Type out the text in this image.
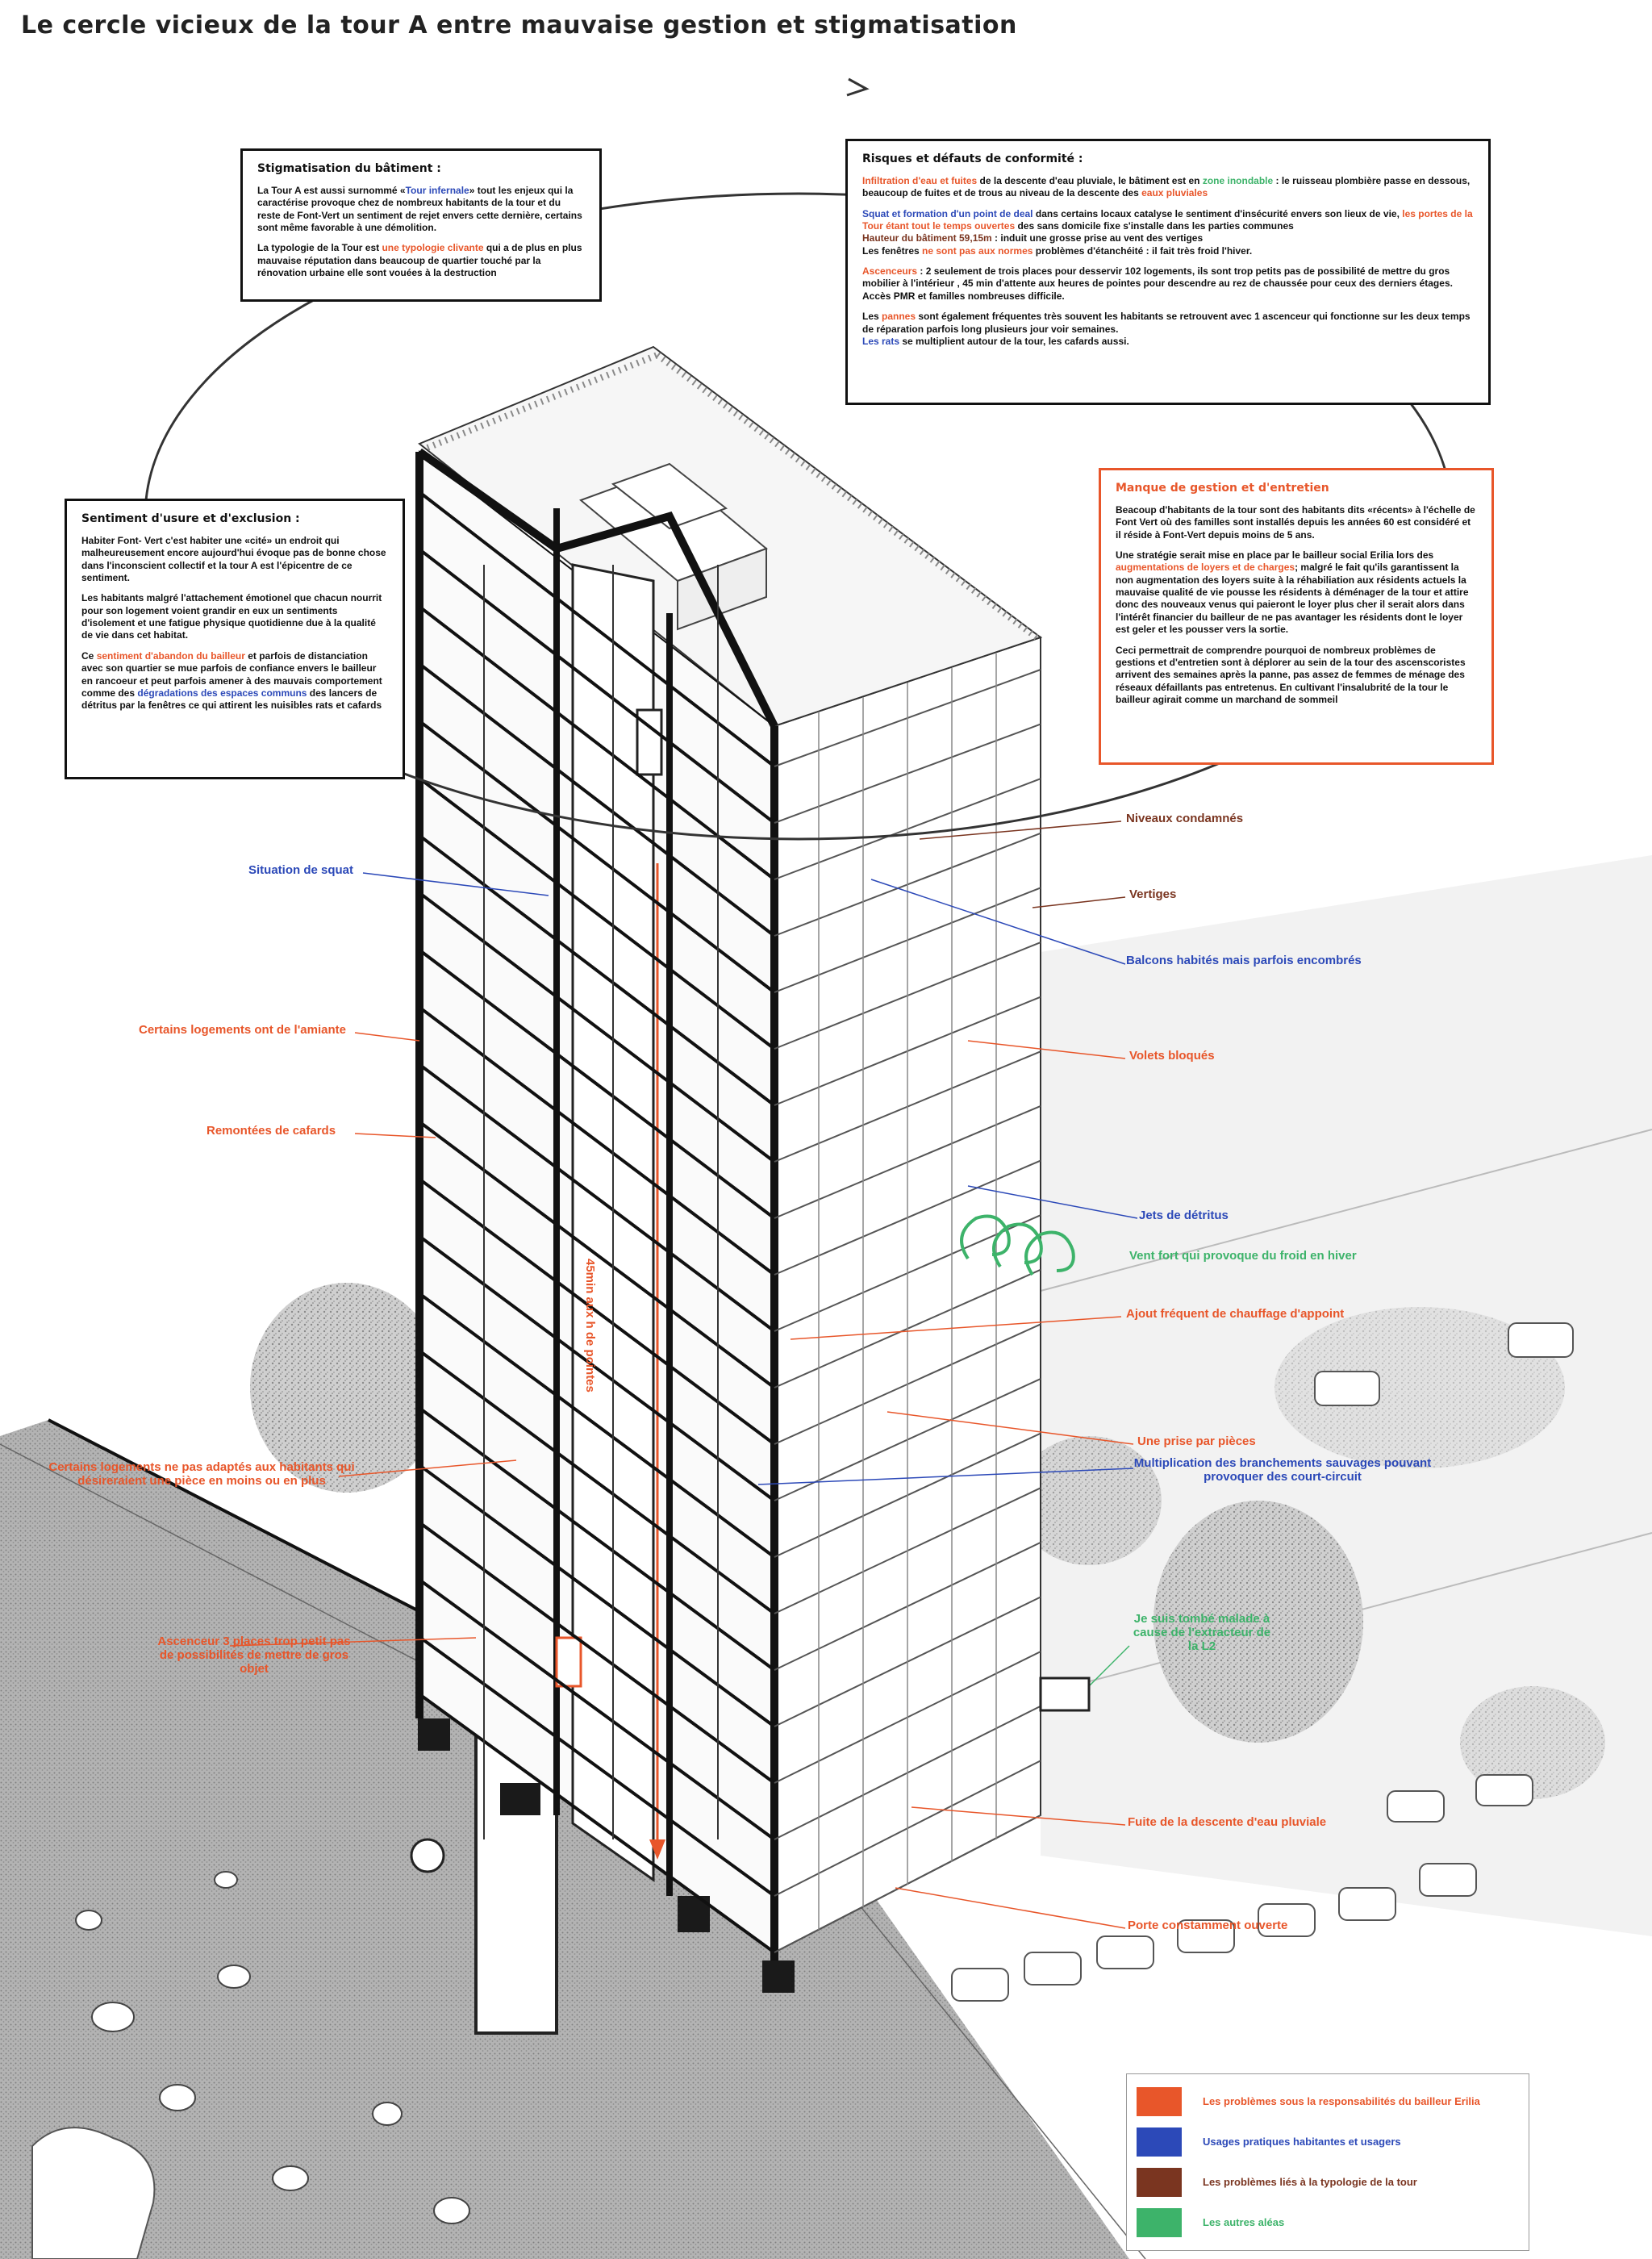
Le cercle vicieux de la tour A entre mauvaise gestion et stigmatisation
Stigmatisation du bâtiment :

La Tour A est aussi surnommé «Tour infernale» tout les enjeux qui la caractérise provoque chez de nombreux habitants de la tour et du reste de Font-Vert un sentiment de rejet envers cette dernière, certains sont même favorable à une démolition.

La typologie de la Tour est une typologie clivante qui a de plus en plus mauvaise réputation dans beaucoup de quartier touché par la rénovation urbaine elle sont vouées à la destruction

Risques et défauts de conformité :

Infiltration d'eau et fuites de la descente d'eau pluviale, le bâtiment est en zone inondable : le ruisseau plombière passe en dessous, beaucoup de fuites et de trous au niveau de la descente des eaux pluviales

Squat et formation d'un point de deal dans certains locaux catalyse le sentiment d'insécurité envers son lieux de vie, les portes de la Tour étant tout le temps ouvertes des sans domicile fixe s'installe dans les parties communes
Hauteur du bâtiment 59,15m : induit une grosse prise au vent des vertiges
Les fenêtres ne sont pas aux normes problèmes d'étanchéité : il fait très froid l'hiver.

Ascenceurs : 2 seulement de trois places pour desservir 102 logements, ils sont trop petits pas de possibilité de mettre du gros mobilier à l'intérieur , 45 min d'attente aux heures de pointes pour descendre au rez de chaussée pour ceux des derniers étages. Accès PMR et familles nombreuses difficile.

Les pannes sont également fréquentes très souvent les habitants se retrouvent avec 1 ascenceur qui fonctionne sur les deux temps de réparation parfois long plusieurs jour voir semaines.
Les rats se multiplient autour de la tour, les cafards aussi.

Sentiment d'usure et d'exclusion :

Habiter Font- Vert c'est habiter une «cité» un endroit qui malheureusement encore aujourd'hui évoque pas de bonne chose dans l'inconscient collectif et la tour A est l'épicentre de ce sentiment.

Les habitants malgré l'attachement émotionel que chacun nourrit pour son logement voient grandir en eux un sentiments d'isolement et une fatigue physique quotidienne due à la qualité de vie dans cet habitat.

Ce sentiment d'abandon du bailleur et parfois de distanciation avec son quartier se mue parfois de confiance envers le bailleur en rancoeur et peut parfois amener à des mauvais comportement comme des dégradations des espaces communs des lancers de détritus par la fenêtres ce qui attirent les nuisibles rats et cafards

Manque de gestion et d'entretien

Beacoup d'habitants de la tour sont des habitants dits «récents» à l'échelle de Font Vert où des familles sont installés depuis les années 60 est considéré et il réside à Font-Vert depuis moins de 5 ans.

Une stratégie serait mise en place par le bailleur social Erilia lors des augmentations de loyers et de charges; malgré le fait qu'ils garantissent la non augmentation des loyers suite à la réhabiliation aux résidents actuels la mauvaise qualité de vie pousse les résidents à déménager de la tour et attire donc des nouveaux venus qui paieront le loyer plus cher il serait alors dans l'intérêt financier du bailleur de ne pas avantager les résidents dont le loyer est geler et les pousser vers la sortie.

Ceci permettrait de comprendre pourquoi de nombreux problèmes de gestions et d'entretien sont à déplorer au sein de la tour des ascenscoristes arrivent des semaines après la panne, pas assez de femmes de ménage des réseaux défaillants pas entretenus. En cultivant l'insalubrité de la tour le bailleur agirait comme un marchand de sommeil

Niveaux condamnés
Vertiges
Balcons habités mais parfois encombrés
Volets bloqués
Situation de squat
Certains logements ont de l'amiante
Remontées de cafards
Jets de détritus
Vent fort qui provoque du froid en hiver
Ajout fréquent de chauffage d'appoint
Une prise par pièces
Multiplication des branchements sauvages pouvant provoquer des court-circuit
Certains logements ne pas adaptés aux habitants qui désireraient une pièce en moins ou en plus
Ascenceur 3 places trop petit pas de possibilités de mettre de gros objet
Je suis tombé malade à cause de l'extracteur de la L2
Fuite de la descente d'eau pluviale
Porte constamment ouverte
45min aux h de pointes
Les problèmes sous la responsabilités du bailleur Erilia
Usages pratiques habitantes et usagers
Les problèmes liés à la typologie de la tour
Les autres aléas
